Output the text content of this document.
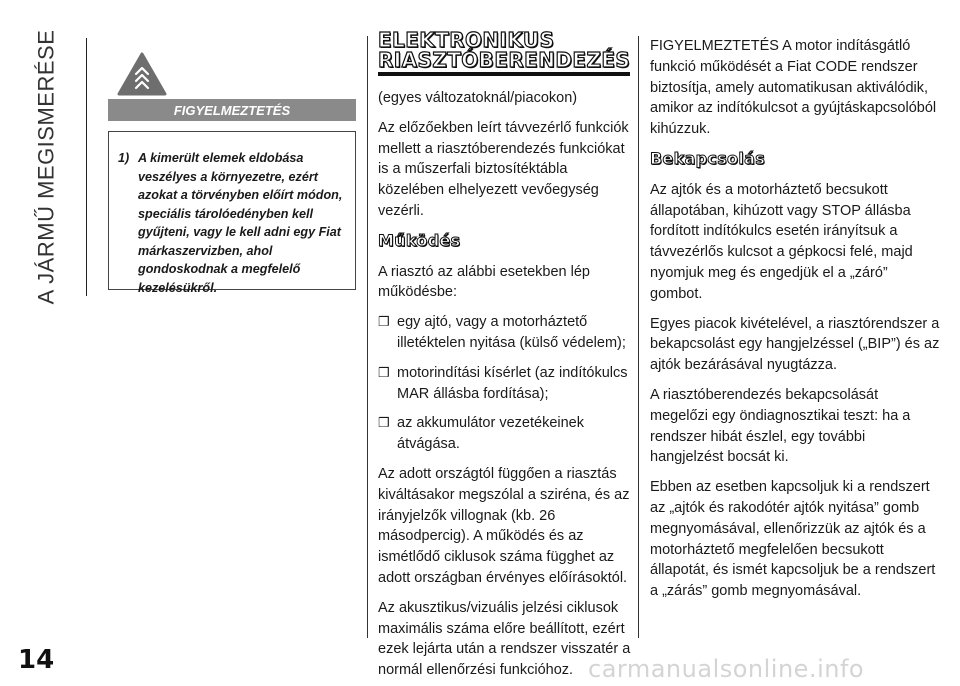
A JÁRMŰ MEGISMERÉSE	FIGYELMEZTETÉS
1) A kimerült elemek eldobása veszélyes a környezetre, ezért azokat a törvényben előírt módon, speciális tárolóedényben kell gyűjteni, vagy le kell adni egy Fiat márkaszervizben, ahol gondoskodnak a megfelelő kezelésükről.
ELEKTRONIKUS
RIASZTÓBERENDEZÉS

(egyes változatoknál/piacokon)

Az előzőekben leírt távvezérlő funkciók mellett a riasztóberendezés funkciókat is a műszerfali biztosítéktábla közelében elhelyezett vevőegység vezérli.

Működés

A riasztó az alábbi esetekben lép működésbe:

❒ egy ajtó, vagy a motorháztető illetéktelen nyitása (külső védelem);
❒ motorindítási kísérlet (az indítókulcs MAR állásba fordítása);
❒ az akkumulátor vezetékeinek átvágása.

Az adott országtól függően a riasztás kiváltásakor megszólal a sziréna, és az irányjelzők villognak (kb. 26 másodpercig). A működés és az ismétlődő ciklusok száma függhet az adott országban érvényes előírásoktól.

Az akusztikus/vizuális jelzési ciklusok maximális száma előre beállított, ezért ezek lejárta után a rendszer visszatér a normál ellenőrzési funkcióhoz.

FIGYELMEZTETÉS A motor indításgátló funkció működését a Fiat CODE rendszer biztosítja, amely automatikusan aktiválódik, amikor az indítókulcsot a gyújtáskapcsolóból kihúzzuk.

Bekapcsolás

Az ajtók és a motorháztető becsukott állapotában, kihúzott vagy STOP állásba fordított indítókulcs esetén irányítsuk a távvezérlős kulcsot a gépkocsi felé, majd nyomjuk meg és engedjük el a „záró” gombot.

Egyes piacok kivételével, a riasztórendszer a bekapcsolást egy hangjelzéssel („BIP”) és az ajtók bezárásával nyugtázza.

A riasztóberendezés bekapcsolását megelőzi egy öndiagnosztikai teszt: ha a rendszer hibát észlel, egy további hangjelzést bocsát ki.

Ebben az esetben kapcsoljuk ki a rendszert az „ajtók és rakodótér ajtók nyitása” gomb megnyomásával, ellenőrizzük az ajtók és a motorháztető megfelelően becsukott állapotát, és ismét kapcsoljuk be a rendszert a „zárás” gomb megnyomásával.

14	carmanualsonline.info
